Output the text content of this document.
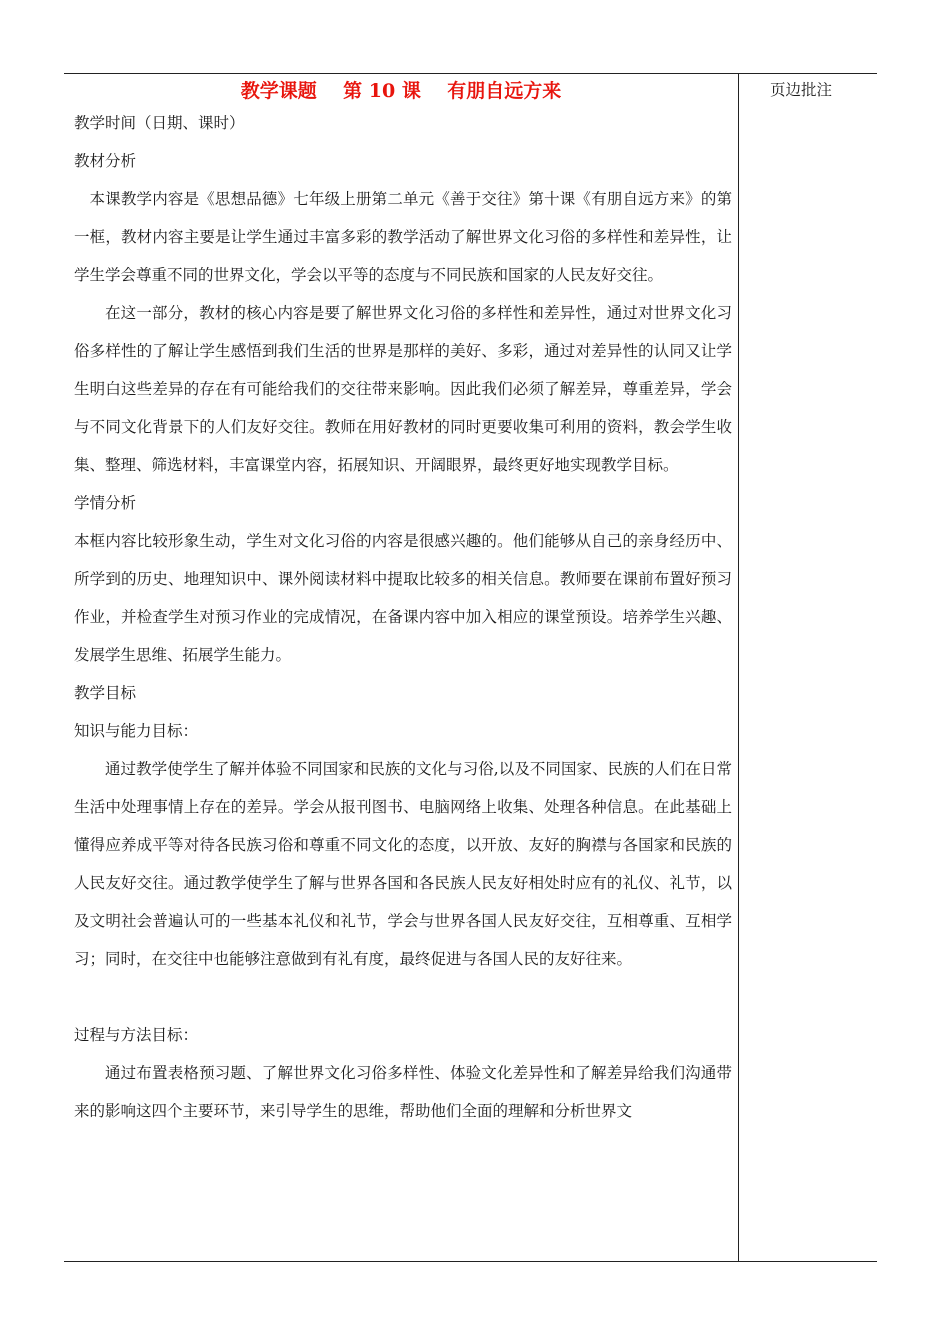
教学课题    第 10 课    有朋自远方来	页边批注
教学时间（日期、课时）
教材分析

本课教学内容是《思想品德》七年级上册第二单元《善于交往》第十课《有朋自远方来》的第一框，教材内容主要是让学生通过丰富多彩的教学活动了解世界文化习俗的多样性和差异性，让学生学会尊重不同的世界文化，学会以平等的态度与不同民族和国家的人民友好交往。

在这一部分，教材的核心内容是要了解世界文化习俗的多样性和差异性，通过对世界文化习俗多样性的了解让学生感悟到我们生活的世界是那样的美好、多彩，通过对差异性的认同又让学生明白这些差异的存在有可能给我们的交往带来影响。因此我们必须了解差异，尊重差异，学会与不同文化背景下的人们友好交往。教师在用好教材的同时更要收集可利用的资料，教会学生收集、整理、筛选材料，丰富课堂内容，拓展知识、开阔眼界，最终更好地实现教学目标。

学情分析

本框内容比较形象生动，学生对文化习俗的内容是很感兴趣的。他们能够从自己的亲身经历中、所学到的历史、地理知识中、课外阅读材料中提取比较多的相关信息。教师要在课前布置好预习作业，并检查学生对预习作业的完成情况，在备课内容中加入相应的课堂预设。培养学生兴趣、发展学生思维、拓展学生能力。

教学目标
知识与能力目标：

通过教学使学生了解并体验不同国家和民族的文化与习俗,以及不同国家、民族的人们在日常生活中处理事情上存在的差异。学会从报刊图书、电脑网络上收集、处理各种信息。在此基础上懂得应养成平等对待各民族习俗和尊重不同文化的态度，以开放、友好的胸襟与各国家和民族的人民友好交往。通过教学使学生了解与世界各国和各民族人民友好相处时应有的礼仪、礼节，以及文明社会普遍认可的一些基本礼仪和礼节，学会与世界各国人民友好交往，互相尊重、互相学习；同时，在交往中也能够注意做到有礼有度，最终促进与各国人民的友好往来。

过程与方法目标：

通过布置表格预习题、了解世界文化习俗多样性、体验文化差异性和了解差异给我们沟通带来的影响这四个主要环节，来引导学生的思维，帮助他们全面的理解和分析世界文
